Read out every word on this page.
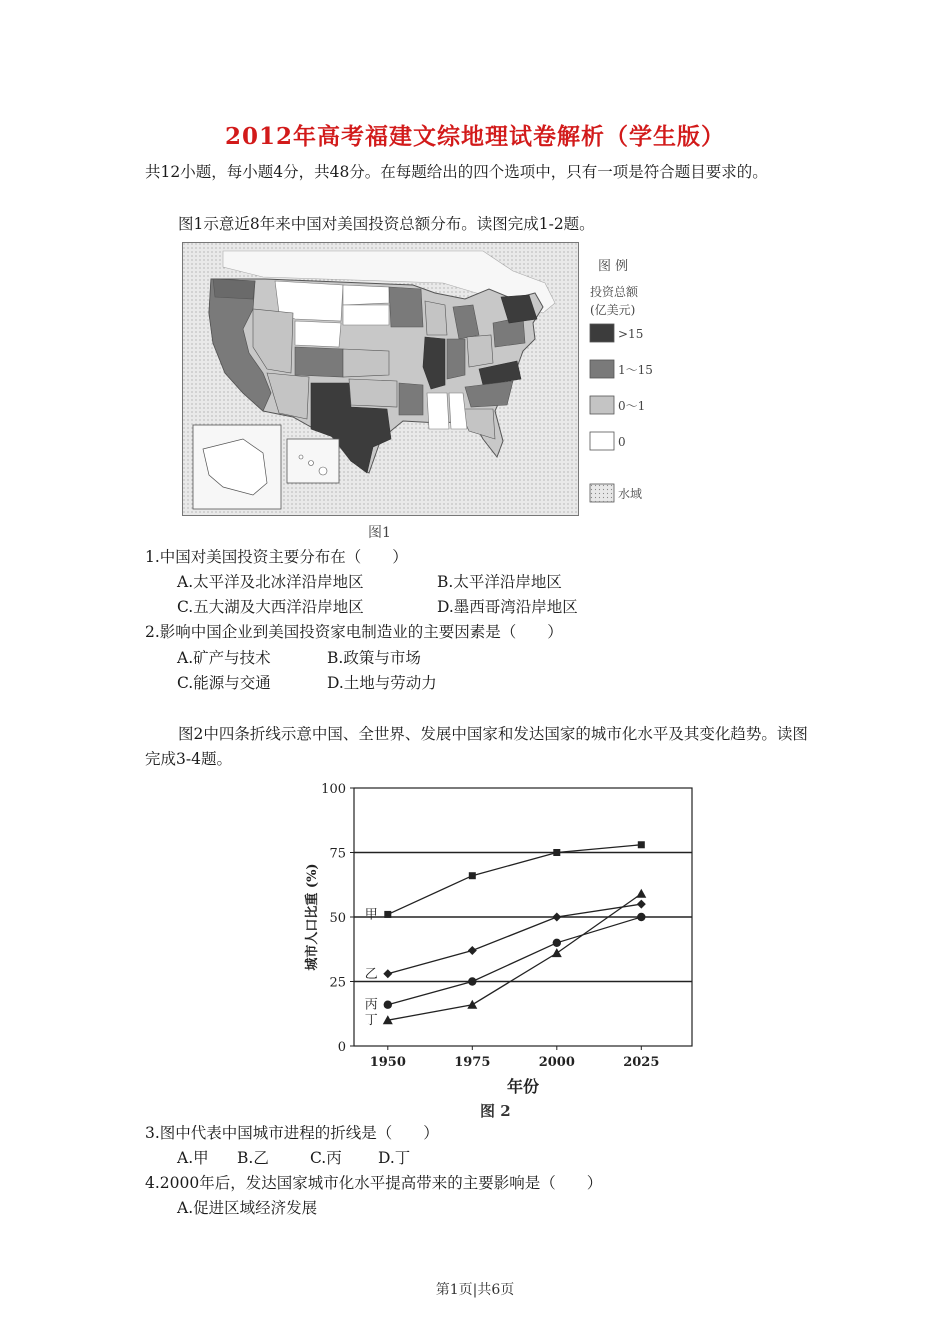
2012年高考福建文综地理试卷解析（学生版）
共12小题，每小题4分，共48分。在每题给出的四个选项中，只有一项是符合题目要求的。
图1示意近8年来中国对美国投资总额分布。读图完成1-2题。
图 例
投资总额
(亿美元)
>15
1～15
0～1
0
水域
图1
1.中国对美国投资主要分布在（　　）
A.太平洋及北冰洋沿岸地区	B.太平洋沿岸地区
C.五大湖及大西洋沿岸地区	D.墨西哥湾沿岸地区
2.影响中国企业到美国投资家电制造业的主要因素是（　　）
A.矿产与技术	B.政策与市场
C.能源与交通	D.土地与劳动力
图2中四条折线示意中国、全世界、发展中国家和发达国家的城市化水平及其变化趋势。读图完成3-4题。
0
25
50
75
100
1950	1975	2000	2025
年份
城市人口比重 (%)	甲
乙
丙
丁
图 2
3.图中代表中国城市进程的折线是（　　）
A.甲 B.乙	C.丙 D.丁
4.2000年后，发达国家城市化水平提高带来的主要影响是（　　）
A.促进区域经济发展
第1页|共6页
